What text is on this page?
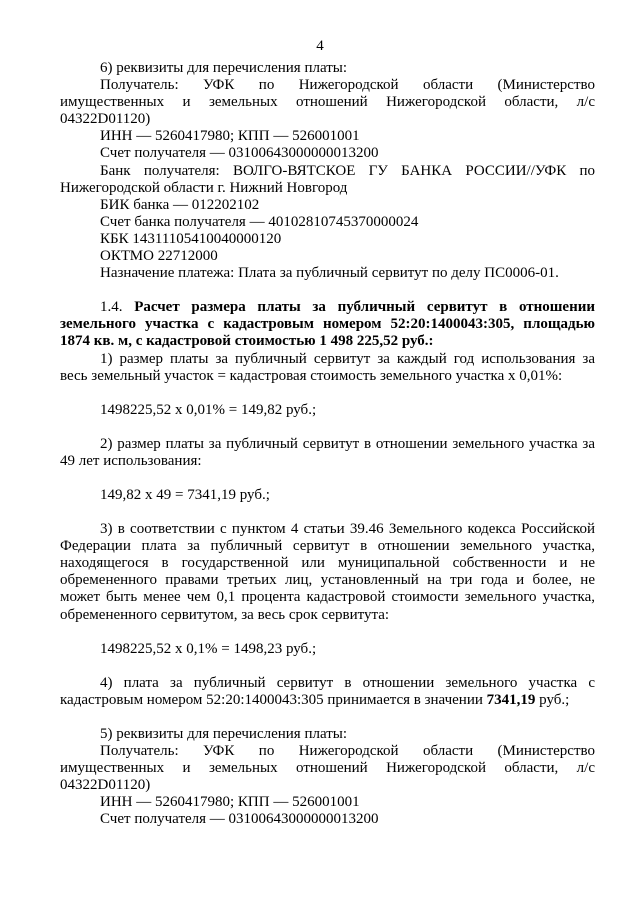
4

6) реквизиты для перечисления платы:

Получатель: УФК по Нижегородской области (Министерство

имущественных и земельных отношений Нижегородской области, л/с

04322D01120)

ИНН — 5260417980; КПП — 526001001

Счет получателя — 03100643000000013200

Банк получателя: ВОЛГО-ВЯТСКОЕ ГУ БАНКА РОССИИ//УФК по

Нижегородской области г. Нижний Новгород

БИК банка — 012202102

Счет банка получателя — 40102810745370000024

КБК 14311105410040000120

ОКТМО 22712000

Назначение платежа: Плата за публичный сервитут по делу ПС0006-01.

1.4. Расчет размера платы за публичный сервитут в отношении

земельного участка с кадастровым номером 52:20:1400043:305, площадью

1874 кв. м, с кадастровой стоимостью 1 498 225,52 руб.:

1) размер платы за публичный сервитут за каждый год использования за

весь земельный участок = кадастровая стоимость земельного участка x 0,01%:

1498225,52 x 0,01% = 149,82 руб.;

2) размер платы за публичный сервитут в отношении земельного участка за

49 лет использования:

149,82 x 49 = 7341,19 руб.;

3) в соответствии с пунктом 4 статьи 39.46 Земельного кодекса Российской

Федерации плата за публичный сервитут в отношении земельного участка,

находящегося в государственной или муниципальной собственности и не

обремененного правами третьих лиц, установленный на три года и более, не

может быть менее чем 0,1 процента кадастровой стоимости земельного участка,

обремененного сервитутом, за весь срок сервитута:

1498225,52 x 0,1% = 1498,23 руб.;

4) плата за публичный сервитут в отношении земельного участка с

кадастровым номером 52:20:1400043:305 принимается в значении 7341,19 руб.;

5) реквизиты для перечисления платы:

Получатель: УФК по Нижегородской области (Министерство

имущественных и земельных отношений Нижегородской области, л/с

04322D01120)

ИНН — 5260417980; КПП — 526001001

Счет получателя — 03100643000000013200
